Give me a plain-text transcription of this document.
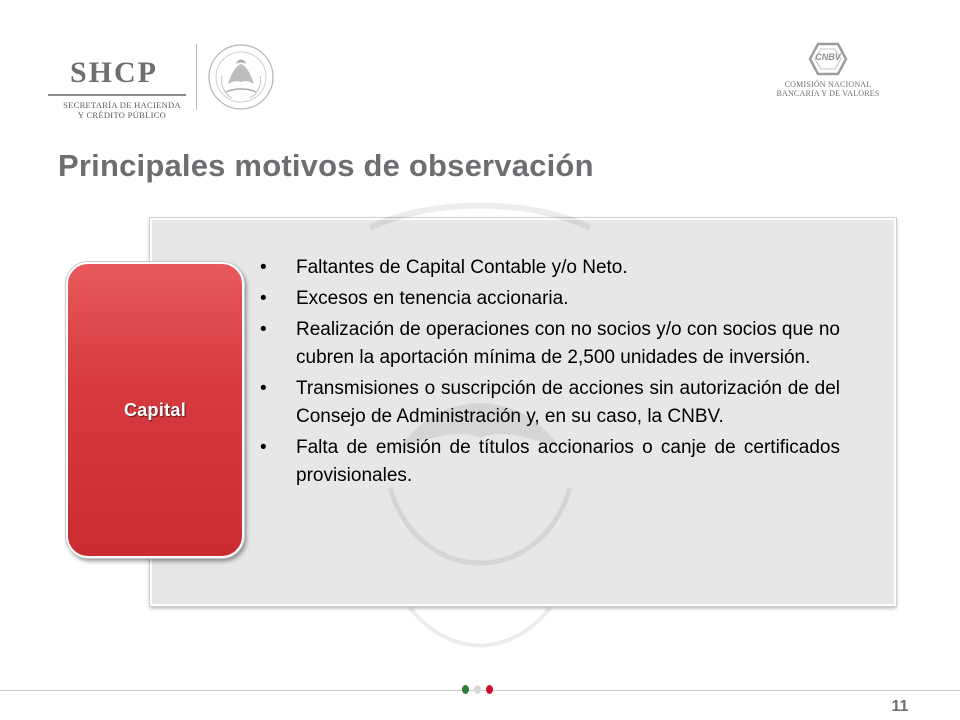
SHCP
SECRETARÍA DE HACIENDA
Y CRÉDITO PÚBLICO
CNBV
COMISIÓN NACIONAL
BANCARIA Y DE VALORES
Principales motivos de observación
• Faltantes de Capital Contable y/o Neto.
• Excesos en tenencia accionaria.
• Realización de operaciones con no socios y/o con socios que no cubren la aportación mínima de 2,500 unidades de inversión.
• Transmisiones o suscripción de acciones sin autorización de del Consejo de Administración y, en su caso, la CNBV.
• Falta de emisión de títulos accionarios o canje de certificados provisionales.
Capital
11
